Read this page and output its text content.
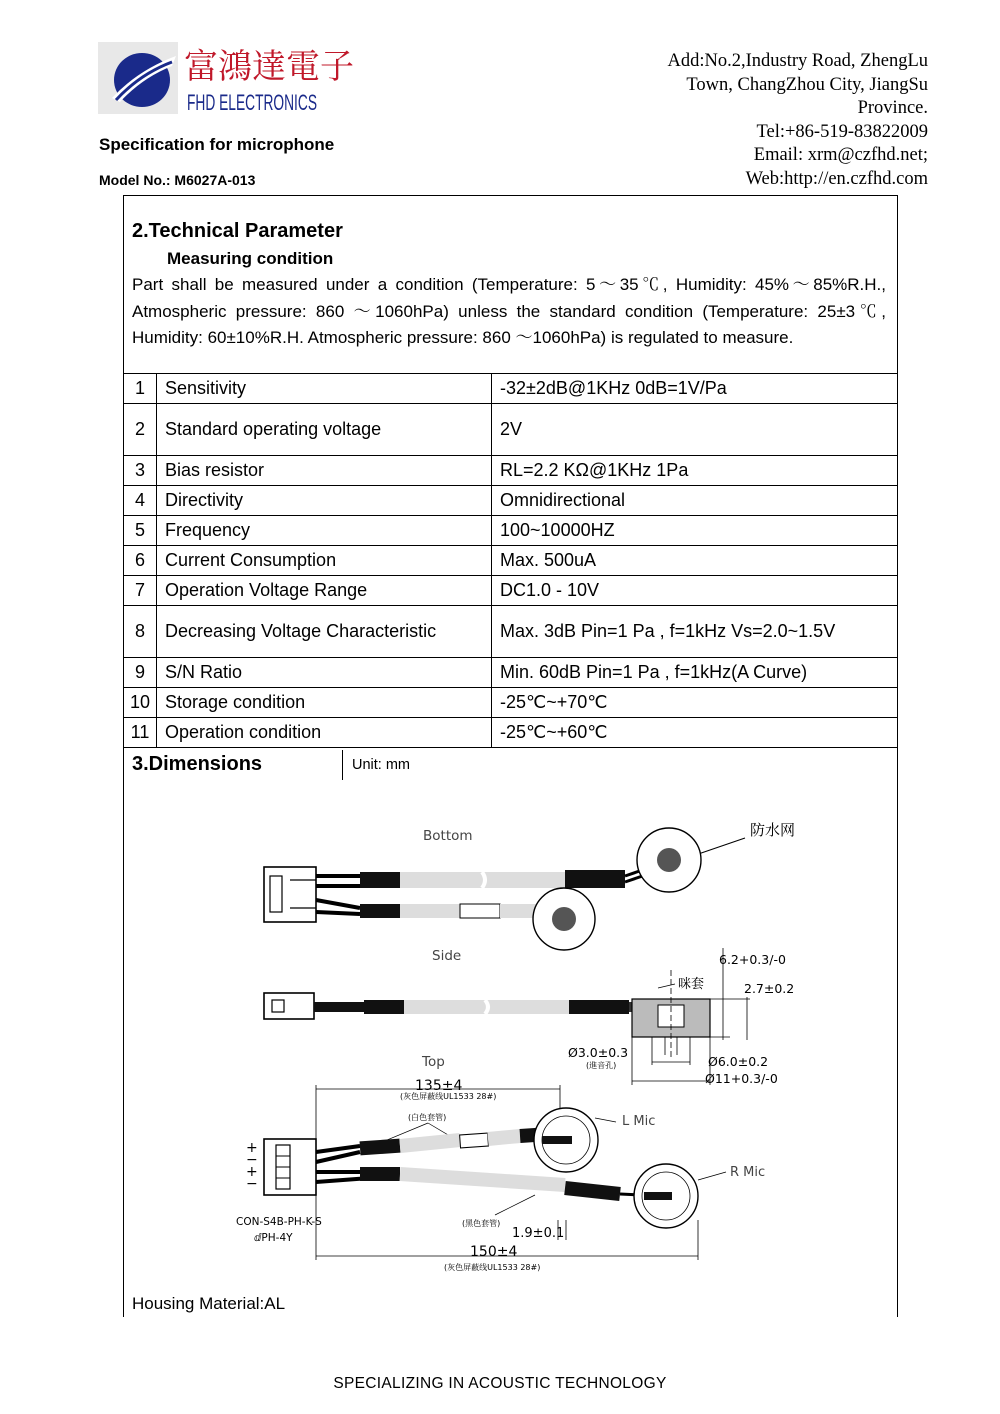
富鴻達電子
FHD ELECTRONICS
Specification for microphone
Model No.: M6027A-013
Add:No.2,Industry Road, ZhengLu
Town, ChangZhou City, JiangSu
Province.
Tel:+86-519-83822009
Email: xrm@czfhd.net;
Web:http://en.czfhd.com
2.Technical Parameter
Measuring condition
Part shall be measured under a condition (Temperature: 5～35℃, Humidity: 45%～85%R.H., Atmospheric pressure: 860 ～1060hPa) unless the standard condition (Temperature: 25±3℃, Humidity: 60±10%R.H. Atmospheric pressure: 860 ～1060hPa) is regulated to measure.
1	Sensitivity	-32±2dB@1KHz 0dB=1V/Pa
2	Standard operating voltage	2V
3	Bias resistor	RL=2.2 KΩ@1KHz 1Pa
4	Directivity	Omnidirectional
5	Frequency	100~10000HZ
6	Current Consumption	Max. 500uA
7	Operation Voltage Range	DC1.0 - 10V
8	Decreasing Voltage Characteristic	Max. 3dB Pin=1 Pa , f=1kHz Vs=2.0~1.5V
9	S/N Ratio	Min. 60dB Pin=1 Pa , f=1kHz(A Curve)
10	Storage condition	-25℃~+70℃
11	Operation condition	-25℃~+60℃
3.Dimensions	Unit: mm
Bottom	防水网
Side
咪套
6.2+0.3/-0
2.7±0.2
Ø3.0±0.3
(進音孔)	Ø6.0±0.2
Ø11+0.3/-0
Top
135±4
(灰色屏蔽线UL1533 28#)
(白色套管)
+
−
+
−
L Mic
R Mic
CON-S4B-PH-K-S
ⅆPH-4Y
(黑色套管)
1.9±0.1
150±4
(灰色屏蔽线UL1533 28#)
Housing Material:AL
SPECIALIZING IN ACOUSTIC TECHNOLOGY
